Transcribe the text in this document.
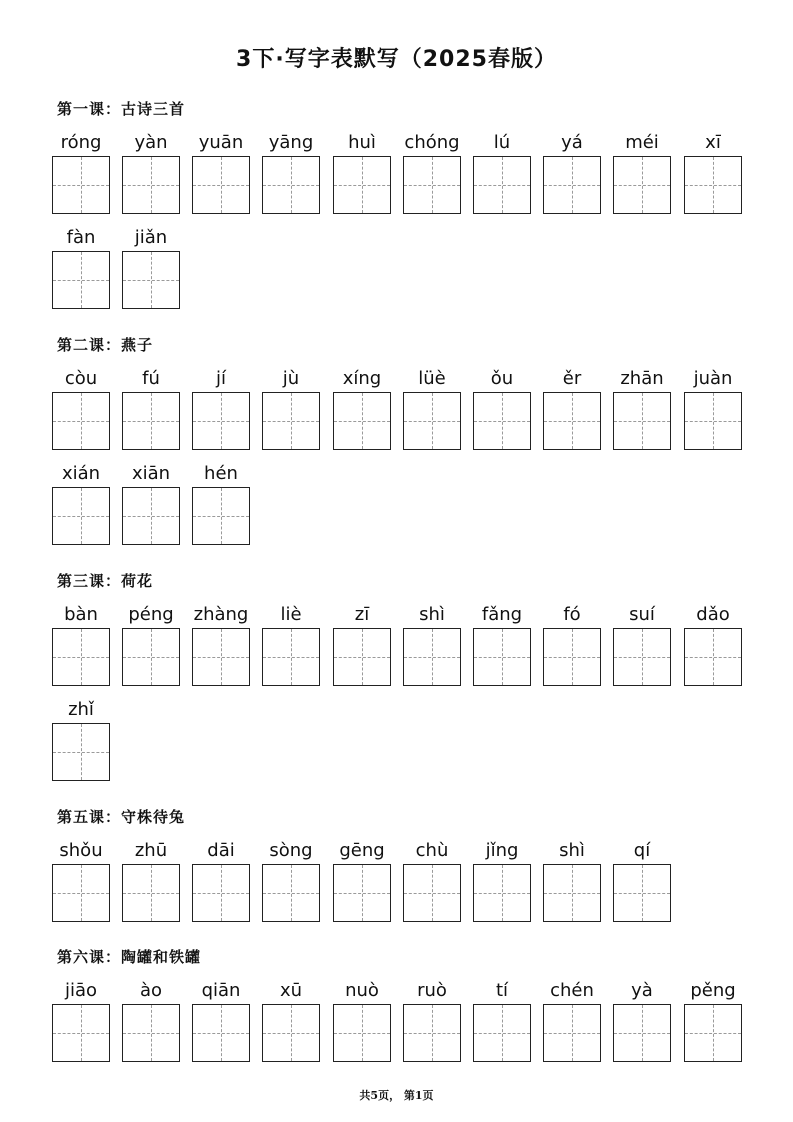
3下·写字表默写（2025春版）
第一课：古诗三首
róng	yàn	yuān	yāng	huì	chóng	lú	yá	méi	xī
fàn	jiǎn
第二课：燕子
còu	fú	jí	jù	xíng	lüè	ǒu	ěr	zhān	juàn
xián	xiān	hén
第三课：荷花
bàn	péng	zhàng	liè	zī	shì	fǎng	fó	suí	dǎo
zhǐ
第五课：守株待兔
shǒu	zhū	dāi	sòng	gēng	chù	jǐng	shì	qí
第六课：陶罐和铁罐
jiāo	ào	qiān	xū	nuò	ruò	tí	chén	yà	pěng
共5页， 第1页
